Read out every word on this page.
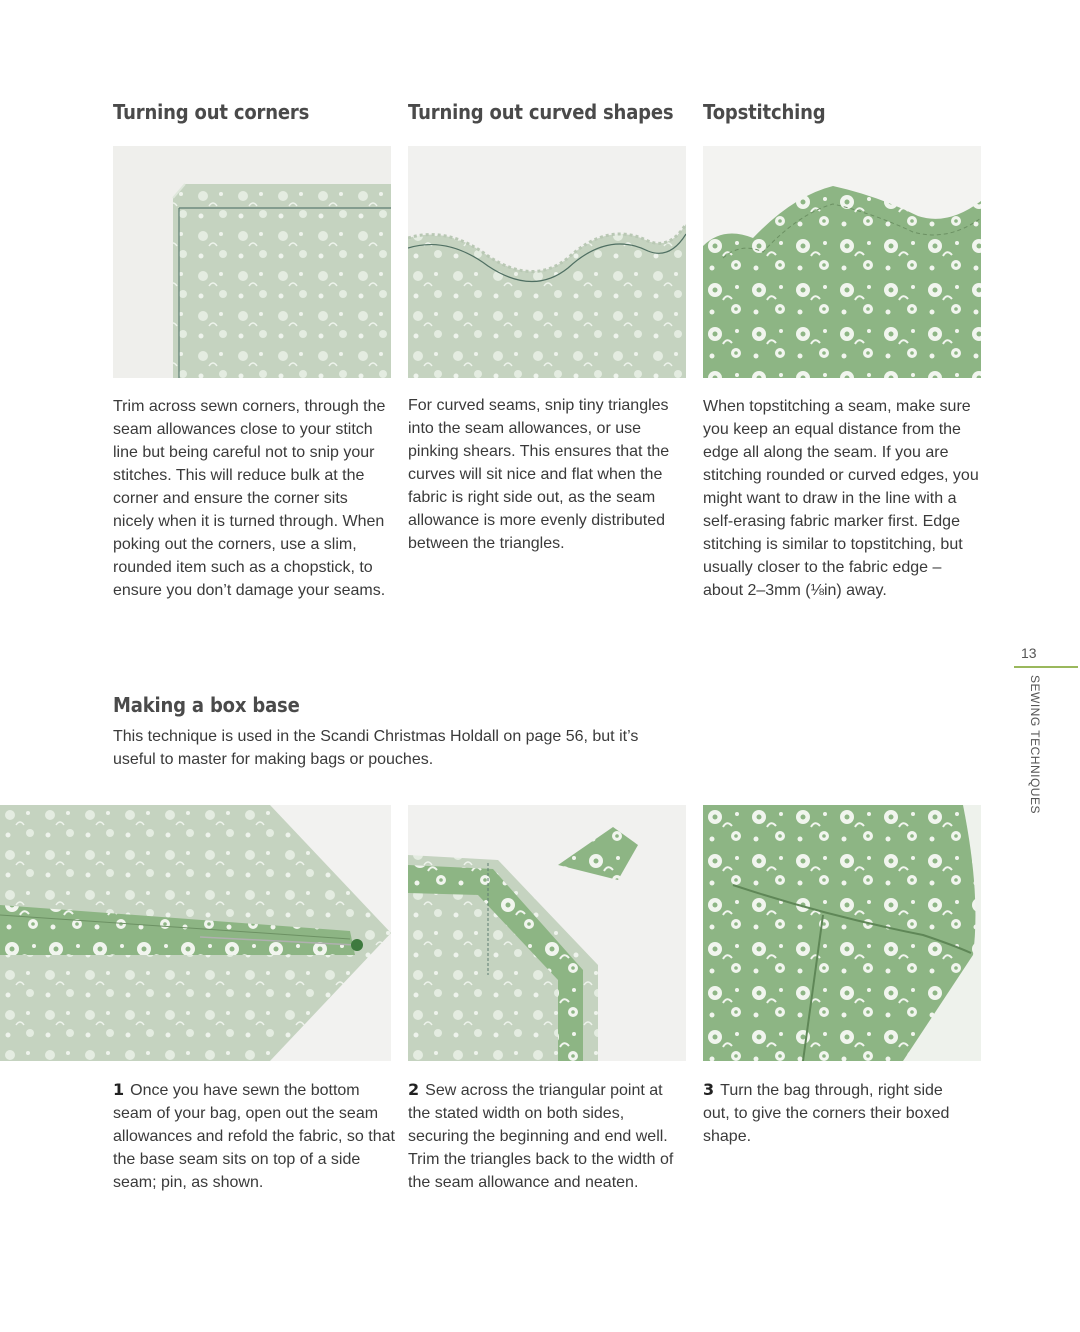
Turning out corners	Turning out curved shapes Topstitching

Trim across sewn corners, through the seam allowances close to your stitch line but being careful not to snip your stitches. This will reduce bulk at the corner and ensure the corner sits nicely when it is turned through. When poking out the corners, use a slim, rounded item such as a chopstick, to ensure you don’t damage your seams.

For curved seams, snip tiny triangles into the seam allowances, or use pinking shears. This ensures that the curves will sit nice and flat when the fabric is right side out, as the seam allowance is more evenly distributed between the triangles.

When topstitching a seam, make sure you keep an equal distance from the edge all along the seam. If you are stitching rounded or curved edges, you might want to draw in the line with a self-erasing fabric marker first. Edge stitching is similar to topstitching, but usually closer to the fabric edge – about 2–3mm (⅛in) away.

13
SEWING TECHNIQUES
Making a box base

This technique is used in the Scandi Christmas Holdall on page 56, but it’s useful to master for making bags or pouches.

1 Once you have sewn the bottom seam of your bag, open out the seam allowances and refold the fabric, so that the base seam sits on top of a side seam; pin, as shown.

2 Sew across the triangular point at the stated width on both sides, securing the beginning and end well. Trim the triangles back to the width of the seam allowance and neaten.

3 Turn the bag through, right side out, to give the corners their boxed shape.
